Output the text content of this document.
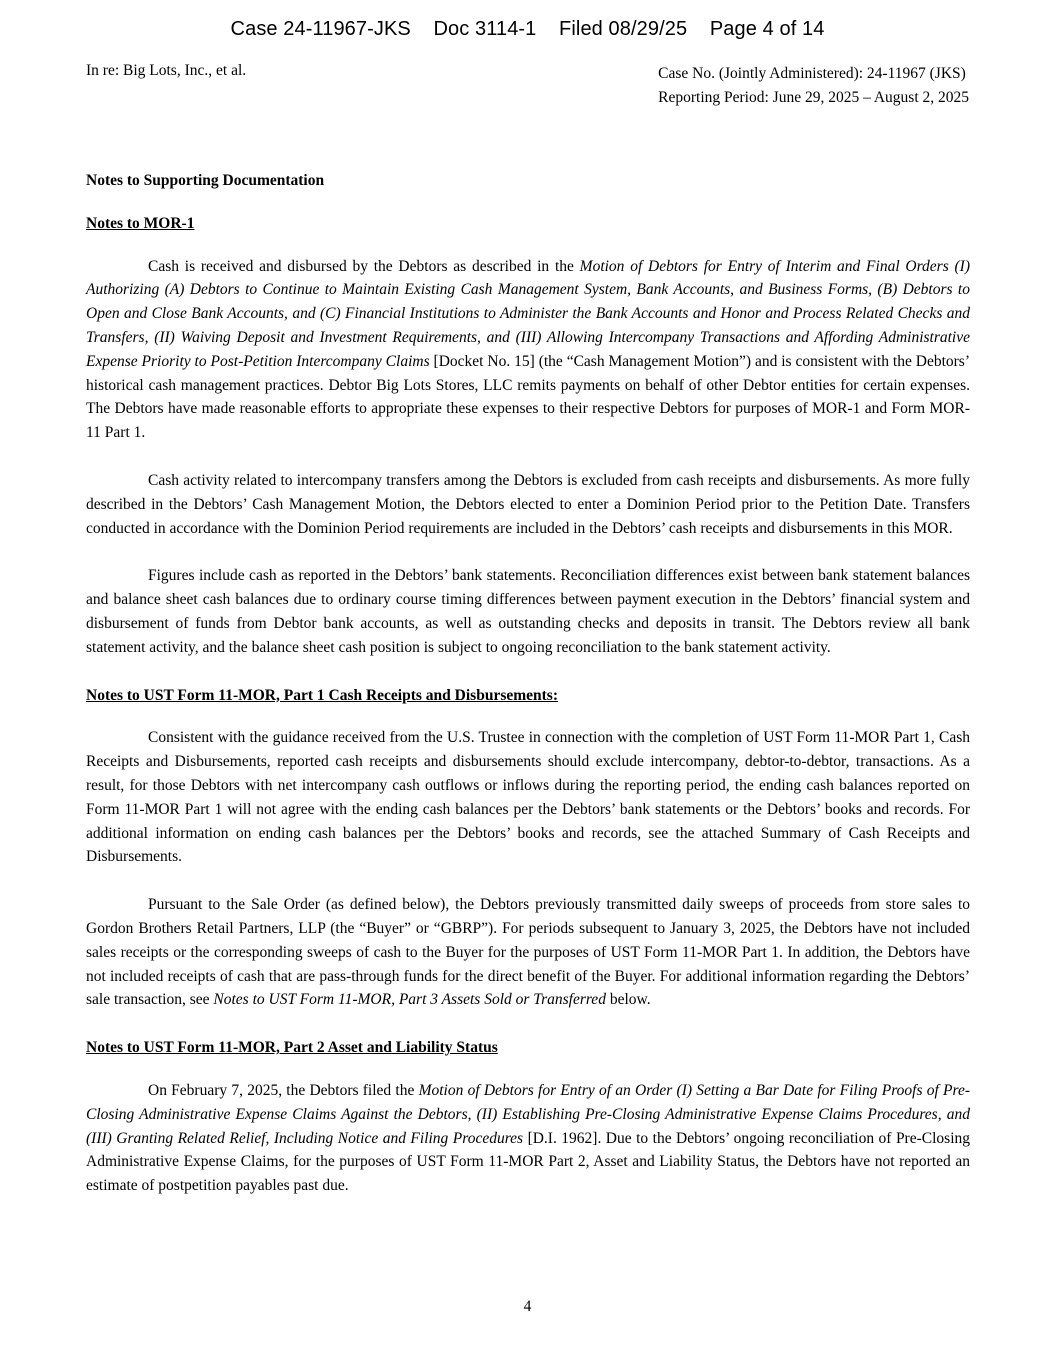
Case 24-11967-JKS    Doc 3114-1    Filed 08/29/25    Page 4 of 14
In re: Big Lots, Inc., et al.	Case No. (Jointly Administered): 24-11967 (JKS)
Reporting Period: June 29, 2025 – August 2, 2025
Notes to Supporting Documentation
Notes to MOR-1

Cash is received and disbursed by the Debtors as described in the Motion of Debtors for Entry of Interim and Final Orders (I) Authorizing (A) Debtors to Continue to Maintain Existing Cash Management System, Bank Accounts, and Business Forms, (B) Debtors to Open and Close Bank Accounts, and (C) Financial Institutions to Administer the Bank Accounts and Honor and Process Related Checks and Transfers, (II) Waiving Deposit and Investment Requirements, and (III) Allowing Intercompany Transactions and Affording Administrative Expense Priority to Post-Petition Intercompany Claims [Docket No. 15] (the “Cash Management Motion”) and is consistent with the Debtors’ historical cash management practices. Debtor Big Lots Stores, LLC remits payments on behalf of other Debtor entities for certain expenses. The Debtors have made reasonable efforts to appropriate these expenses to their respective Debtors for purposes of MOR-1 and Form MOR-11 Part 1.

Cash activity related to intercompany transfers among the Debtors is excluded from cash receipts and disbursements. As more fully described in the Debtors’ Cash Management Motion, the Debtors elected to enter a Dominion Period prior to the Petition Date. Transfers conducted in accordance with the Dominion Period requirements are included in the Debtors’ cash receipts and disbursements in this MOR.

Figures include cash as reported in the Debtors’ bank statements. Reconciliation differences exist between bank statement balances and balance sheet cash balances due to ordinary course timing differences between payment execution in the Debtors’ financial system and disbursement of funds from Debtor bank accounts, as well as outstanding checks and deposits in transit. The Debtors review all bank statement activity, and the balance sheet cash position is subject to ongoing reconciliation to the bank statement activity.

Notes to UST Form 11-MOR, Part 1 Cash Receipts and Disbursements:

Consistent with the guidance received from the U.S. Trustee in connection with the completion of UST Form 11-MOR Part 1, Cash Receipts and Disbursements, reported cash receipts and disbursements should exclude intercompany, debtor-to-debtor, transactions. As a result, for those Debtors with net intercompany cash outflows or inflows during the reporting period, the ending cash balances reported on Form 11-MOR Part 1 will not agree with the ending cash balances per the Debtors’ bank statements or the Debtors’ books and records. For additional information on ending cash balances per the Debtors’ books and records, see the attached Summary of Cash Receipts and Disbursements.

Pursuant to the Sale Order (as defined below), the Debtors previously transmitted daily sweeps of proceeds from store sales to Gordon Brothers Retail Partners, LLP (the “Buyer” or “GBRP”). For periods subsequent to January 3, 2025, the Debtors have not included sales receipts or the corresponding sweeps of cash to the Buyer for the purposes of UST Form 11-MOR Part 1. In addition, the Debtors have not included receipts of cash that are pass-through funds for the direct benefit of the Buyer. For additional information regarding the Debtors’ sale transaction, see Notes to UST Form 11-MOR, Part 3 Assets Sold or Transferred below.

Notes to UST Form 11-MOR, Part 2 Asset and Liability Status

On February 7, 2025, the Debtors filed the Motion of Debtors for Entry of an Order (I) Setting a Bar Date for Filing Proofs of Pre-Closing Administrative Expense Claims Against the Debtors, (II) Establishing Pre-Closing Administrative Expense Claims Procedures, and (III) Granting Related Relief, Including Notice and Filing Procedures [D.I. 1962]. Due to the Debtors’ ongoing reconciliation of Pre-Closing Administrative Expense Claims, for the purposes of UST Form 11-MOR Part 2, Asset and Liability Status, the Debtors have not reported an estimate of postpetition payables past due.

4
